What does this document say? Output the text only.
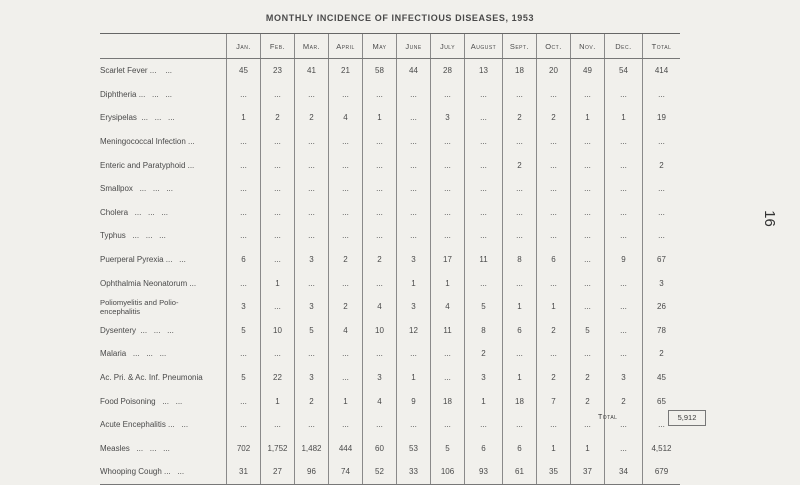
MONTHLY INCIDENCE OF INFECTIOUS DISEASES, 1953
16
	Jan.	Feb.	Mar.	April	May	June	July	August	Sept.	Oct.	Nov.	Dec.	Total
Scarlet Fever ...    ...	45	23	41	21	58	44	28	13	18	20	49	54	414
Diphtheria ...   ...   ...	...	...	...	...	...	...	...	...	...	...	...	...	...
Erysipelas  ...   ...   ...	1	2	2	4	1	...	3	...	2	2	1	1	19
Meningococcal Infection ...	...	...	...	...	...	...	...	...	...	...	...	...	...
Enteric and Paratyphoid ...	...	...	...	...	...	...	...	...	2	...	...	...	2
Smallpox   ...   ...   ...	...	...	...	...	...	...	...	...	...	...	...	...	...
Cholera   ...   ...   ...	...	...	...	...	...	...	...	...	...	...	...	...	...
Typhus   ...   ...   ...	...	...	...	...	...	...	...	...	...	...	...	...	...
Puerperal Pyrexia ...   ...	6	...	3	2	2	3	17	11	8	6	...	9	67
Ophthalmia Neonatorum ...	...	1	...	...	...	1	1	...	...	...	...	...	3
Poliomyelitis and Polio-
encephalitis	3	...	3	2	4	3	4	5	1	1	...	...	26
Dysentery  ...   ...   ...	5	10	5	4	10	12	11	8	6	2	5	...	78
Malaria   ...   ...   ...	...	...	...	...	...	...	...	2	...	...	...	...	2
Ac. Pri. & Ac. Inf. Pneumonia	5	22	3	...	3	1	...	3	1	2	2	3	45
Food Poisoning   ...   ...	...	1	2	1	4	9	18	1	18	7	2	2	65
Acute Encephalitis ...   ...	...	...	...	...	...	...	...	...	...	...	...	...	...
Measles   ...   ...   ...	702	1,752	1,482	444	60	53	5	6	6	1	1	...	4,512
Whooping Cough ...   ...	31	27	96	74	52	33	106	93	61	35	37	34	679
Total	5,912
